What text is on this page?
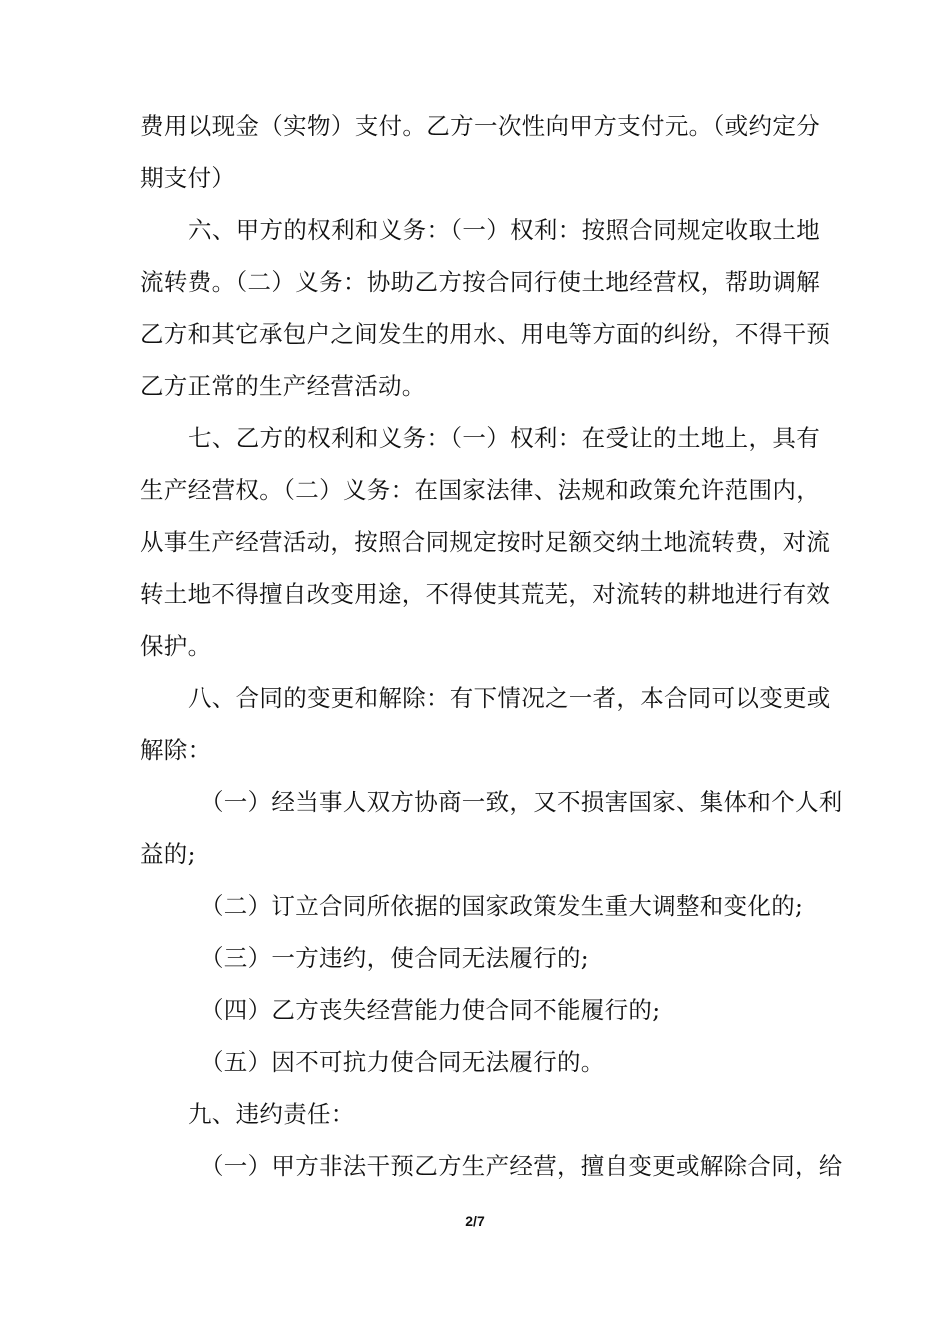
费用以现金（实物）支付。乙方一次性向甲方支付元。（或约定分
期支付）
六、甲方的权利和义务：（一）权利：按照合同规定收取土地
流转费。（二）义务：协助乙方按合同行使土地经营权，帮助调解
乙方和其它承包户之间发生的用水、用电等方面的纠纷，不得干预
乙方正常的生产经营活动。
七、乙方的权利和义务：（一）权利：在受让的土地上，具有
生产经营权。（二）义务：在国家法律、法规和政策允许范围内，
从事生产经营活动，按照合同规定按时足额交纳土地流转费，对流
转土地不得擅自改变用途，不得使其荒芜，对流转的耕地进行有效
保护。
八、合同的变更和解除：有下情况之一者，本合同可以变更或
解除：
（一）经当事人双方协商一致，又不损害国家、集体和个人利
益的;
（二）订立合同所依据的国家政策发生重大调整和变化的;
（三）一方违约，使合同无法履行的;
（四）乙方丧失经营能力使合同不能履行的;
（五）因不可抗力使合同无法履行的。
九、违约责任：
（一）甲方非法干预乙方生产经营，擅自变更或解除合同，给
2/7
